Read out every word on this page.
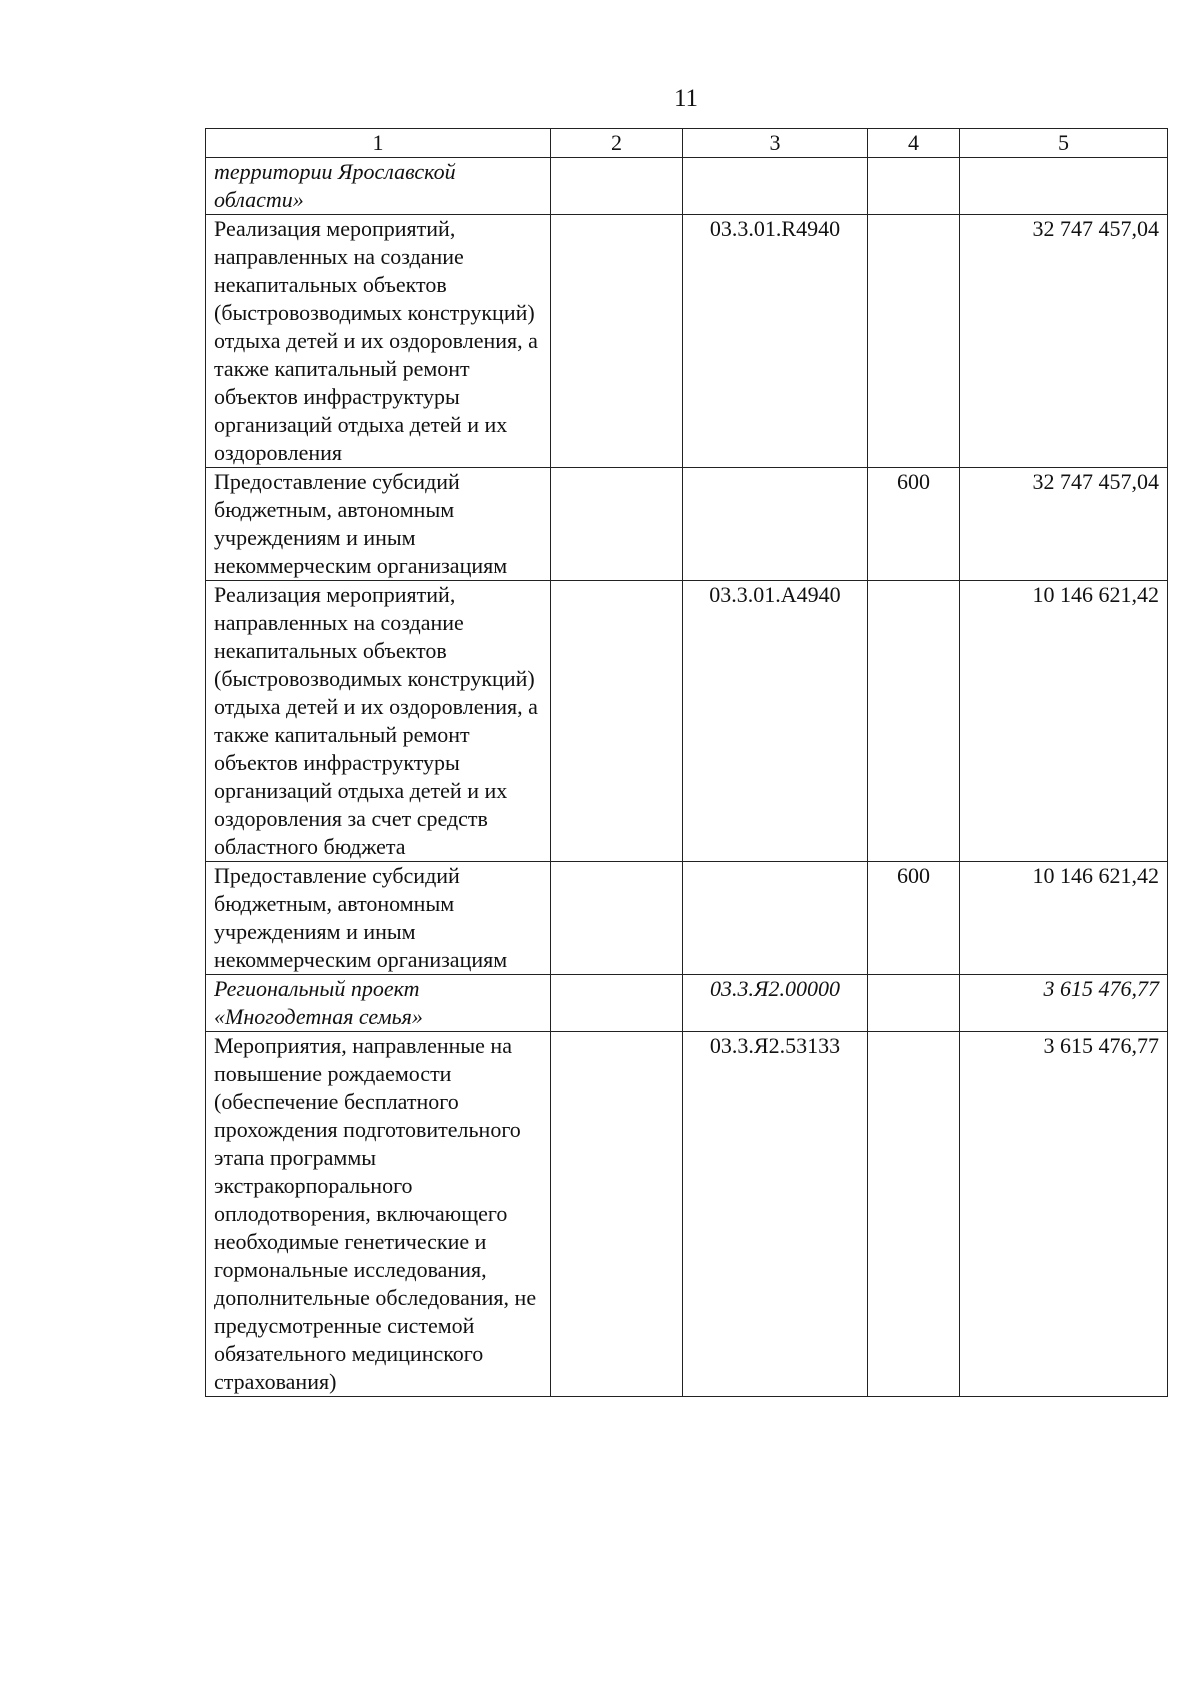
11
1	2	3	4	5
территории Ярославской области»				
Реализация мероприятий, направленных на создание некапитальных объектов (быстровозводимых конструкций) отдыха детей и их оздоровления, а также капитальный ремонт объектов инфраструктуры организаций отдыха детей и их оздоровления		03.3.01.R4940		32 747 457,04
Предоставление субсидий бюджетным, автономным учреждениям и иным некоммерческим организациям			600	32 747 457,04
Реализация мероприятий, направленных на создание некапитальных объектов (быстровозводимых конструкций) отдыха детей и их оздоровления, а также капитальный ремонт объектов инфраструктуры организаций отдыха детей и их оздоровления за счет средств областного бюджета		03.3.01.А4940		10 146 621,42
Предоставление субсидий бюджетным, автономным учреждениям и иным некоммерческим организациям			600	10 146 621,42
Региональный проект «Многодетная семья»		03.3.Я2.00000		3 615 476,77
Мероприятия, направленные на повышение рождаемости (обеспечение бесплатного прохождения подготовительного этапа программы экстракорпорального оплодотворения, включающего необходимые генетические и гормональные исследования, дополнительные обследования, не предусмотренные системой обязательного медицинского страхования)		03.3.Я2.53133		3 615 476,77
